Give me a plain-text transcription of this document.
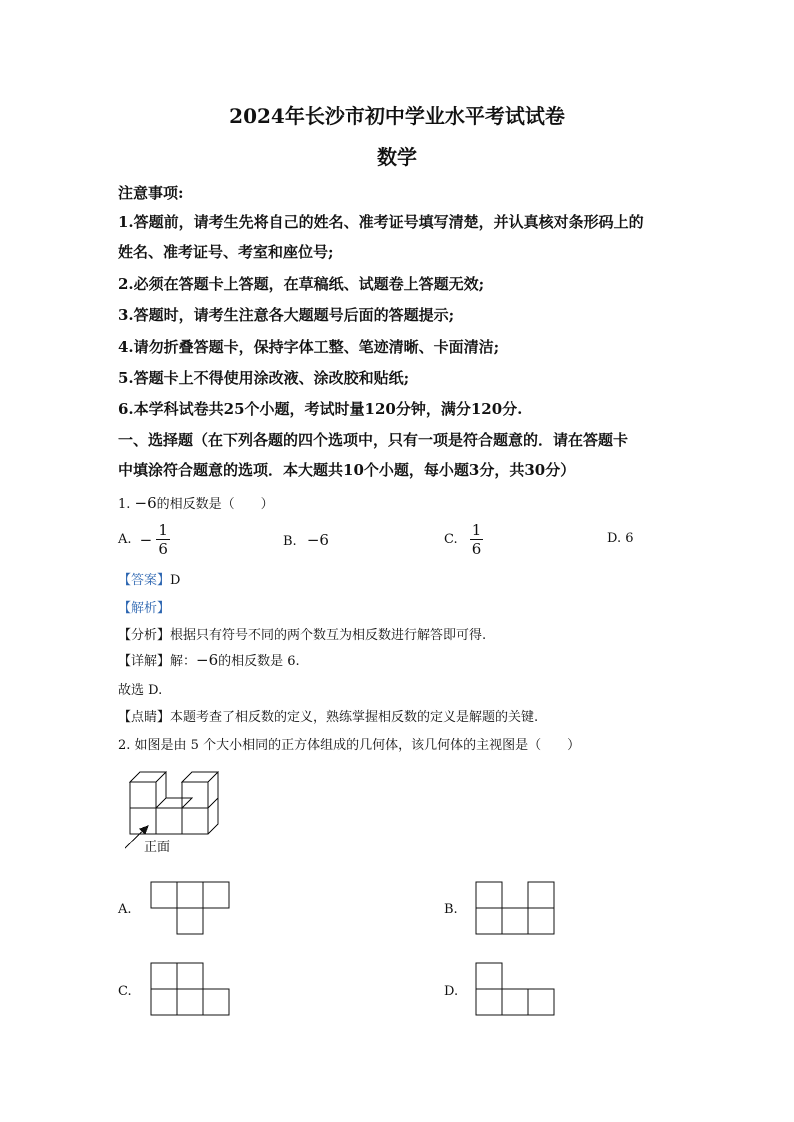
2024年长沙市初中学业水平考试试卷
数学
注意事项:
1.答题前，请考生先将自己的姓名、准考证号填写清楚，并认真核对条形码上的
姓名、准考证号、考室和座位号;
2.必须在答题卡上答题，在草稿纸、试题卷上答题无效;
3.答题时，请考生注意各大题题号后面的答题提示;
4.请勿折叠答题卡，保持字体工整、笔迹清晰、卡面清洁;
5.答题卡上不得使用涂改液、涂改胶和贴纸;
6.本学科试卷共25个小题，考试时量120分钟，满分120分.
一、选择题（在下列各题的四个选项中，只有一项是符合题意的．请在答题卡
中填涂符合题意的选项．本大题共10个小题，每小题3分，共30分）
1. −6的相反数是（　　）
A. − $\frac{1}{6}$	B. −6	C. $\frac{1}{6}$	D. 6
【答案】D
【解析】
【分析】根据只有符号不同的两个数互为相反数进行解答即可得.
【详解】解：−6的相反数是 6.
故选 D.
【点睛】本题考查了相反数的定义，熟练掌握相反数的定义是解题的关键.
2. 如图是由 5 个大小相同的正方体组成的几何体，该几何体的主视图是（　　）
正面
A.	B.
C.	D.
